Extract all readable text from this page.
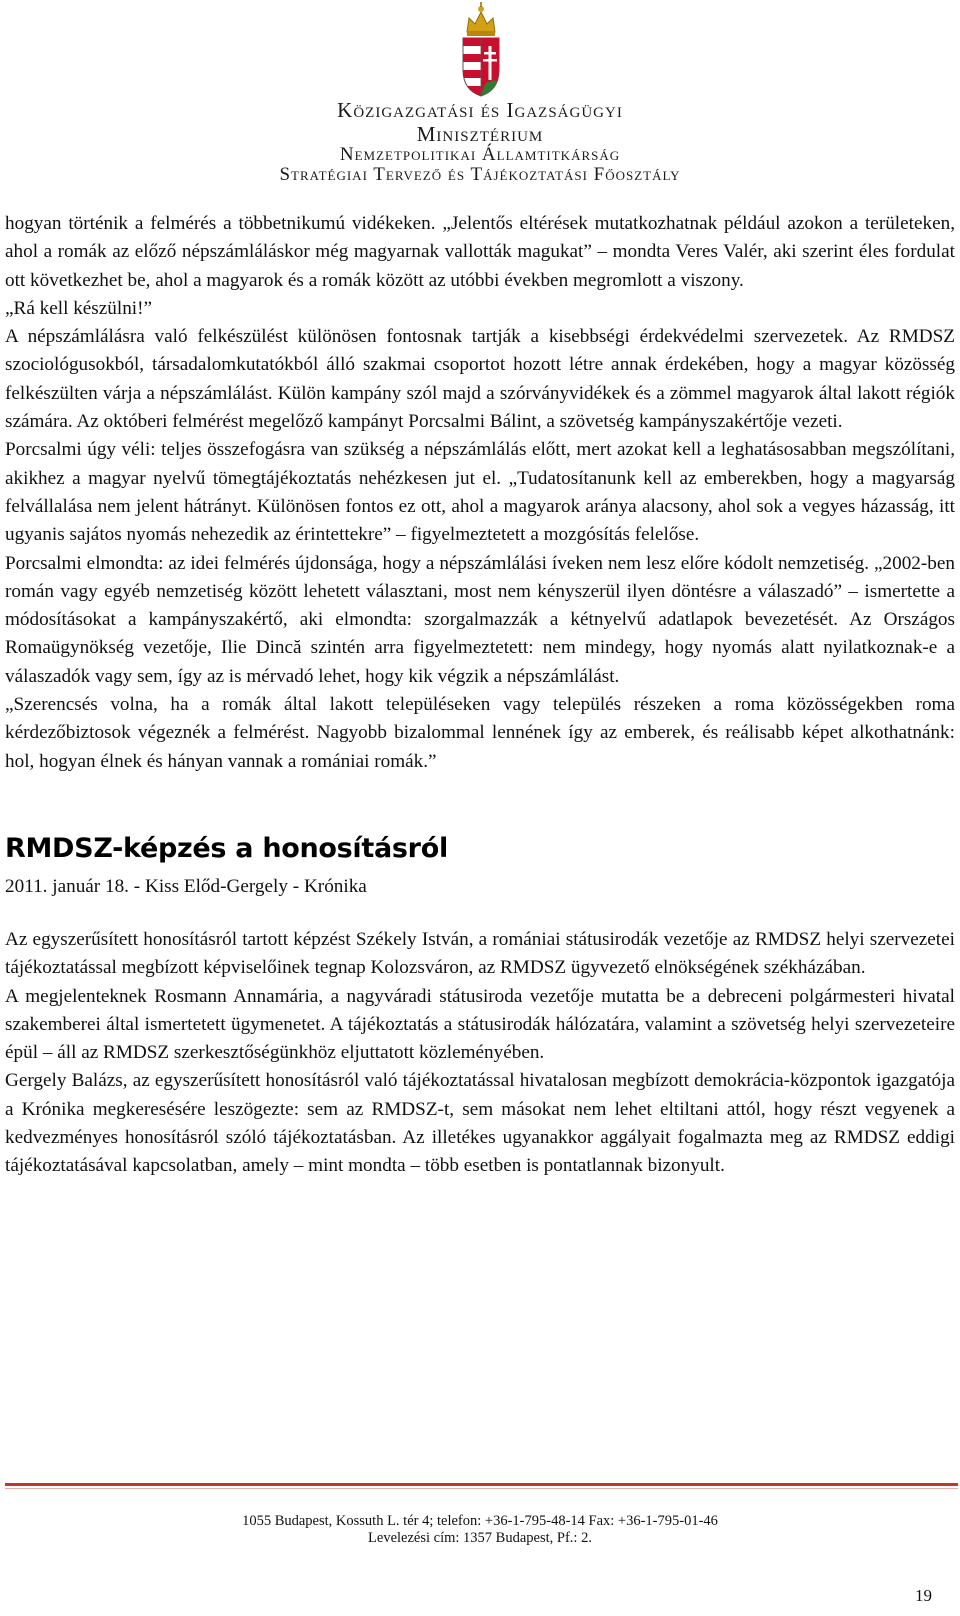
Közigazgatási és Igazságügyi
Minisztérium
Nemzetpolitikai Államtitkárság
Stratégiai Tervező és Tájékoztatási Főosztály

hogyan történik a felmérés a többetnikumú vidékeken. „Jelentős eltérések mutatkozhatnak például azokon a területeken, ahol a romák az előző népszámláláskor még magyarnak vallották magukat” – mondta Veres Valér, aki szerint éles fordulat ott következhet be, ahol a magyarok és a romák között az utóbbi években megromlott a viszony.

„Rá kell készülni!”

A népszámlálásra való felkészülést különösen fontosnak tartják a kisebbségi érdekvédelmi szervezetek. Az RMDSZ szociológusokból, társadalomkutatókból álló szakmai csoportot hozott létre annak érdekében, hogy a magyar közösség felkészülten várja a népszámlálást. Külön kampány szól majd a szórványvidékek és a zömmel magyarok által lakott régiók számára. Az októberi felmérést megelőző kampányt Porcsalmi Bálint, a szövetség kampányszakértője vezeti.

Porcsalmi úgy véli: teljes összefogásra van szükség a népszámlálás előtt, mert azokat kell a leghatásosabban megszólítani, akikhez a magyar nyelvű tömegtájékoztatás nehézkesen jut el. „Tudatosítanunk kell az emberekben, hogy a magyarság felvállalása nem jelent hátrányt. Különösen fontos ez ott, ahol a magyarok aránya alacsony, ahol sok a vegyes házasság, itt ugyanis sajátos nyomás nehezedik az érintettekre” – figyelmeztetett a mozgósítás felelőse.

Porcsalmi elmondta: az idei felmérés újdonsága, hogy a népszámlálási íveken nem lesz előre kódolt nemzetiség. „2002-ben román vagy egyéb nemzetiség között lehetett választani, most nem kényszerül ilyen döntésre a válaszadó” – ismertette a módosításokat a kampányszakértő, aki elmondta: szorgalmazzák a kétnyelvű adatlapok bevezetését. Az Országos Romaügynökség vezetője, Ilie Dincă szintén arra figyelmeztetett: nem mindegy, hogy nyomás alatt nyilatkoznak-e a válaszadók vagy sem, így az is mérvadó lehet, hogy kik végzik a népszámlálást.

„Szerencsés volna, ha a romák által lakott településeken vagy település részeken a roma közösségekben roma kérdezőbiztosok végeznék a felmérést. Nagyobb bizalommal lennének így az emberek, és reálisabb képet alkothatnánk: hol, hogyan élnek és hányan vannak a romániai romák.”

RMDSZ-képzés a honosításról

2011. január 18. - Kiss Előd-Gergely - Krónika

Az egyszerűsített honosításról tartott képzést Székely István, a romániai státusirodák vezetője az RMDSZ helyi szervezetei tájékoztatással megbízott képviselőinek tegnap Kolozsváron, az RMDSZ ügyvezető elnökségének székházában.

A megjelenteknek Rosmann Annamária, a nagyváradi státusiroda vezetője mutatta be a debreceni polgármesteri hivatal szakemberei által ismertetett ügymenetet. A tájékoztatás a státusirodák hálózatára, valamint a szövetség helyi szervezeteire épül – áll az RMDSZ szerkesztőségünkhöz eljuttatott közleményében.

Gergely Balázs, az egyszerűsített honosításról való tájékoztatással hivatalosan megbízott demokrácia-központok igazgatója a Krónika megkeresésére leszögezte: sem az RMDSZ-t, sem másokat nem lehet eltiltani attól, hogy részt vegyenek a kedvezményes honosításról szóló tájékoztatásban. Az illetékes ugyanakkor aggályait fogalmazta meg az RMDSZ eddigi tájékoztatásával kapcsolatban, amely – mint mondta – több esetben is pontatlannak bizonyult.

1055 Budapest, Kossuth L. tér 4; telefon: +36-1-795-48-14 Fax: +36-1-795-01-46
Levelezési cím: 1357 Budapest, Pf.: 2.
19
